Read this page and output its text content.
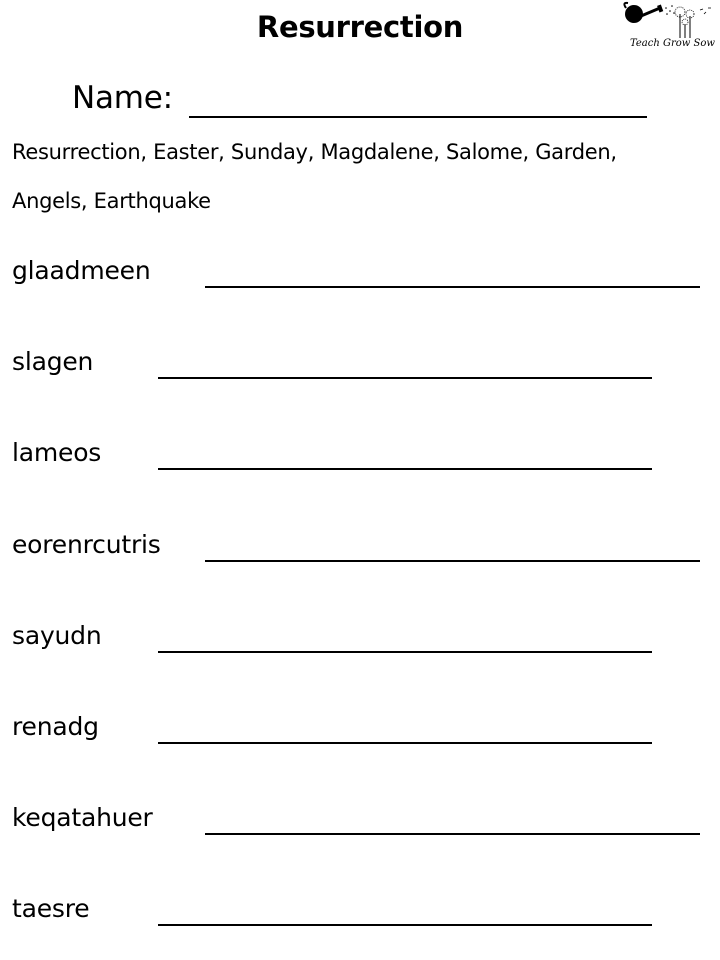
Resurrection	Teach Grow Sow
Name:
Resurrection, Easter, Sunday, Magdalene, Salome, Garden,
Angels, Earthquake
glaadmeen
slagen
lameos
eorenrcutris
sayudn
renadg
keqatahuer
taesre
